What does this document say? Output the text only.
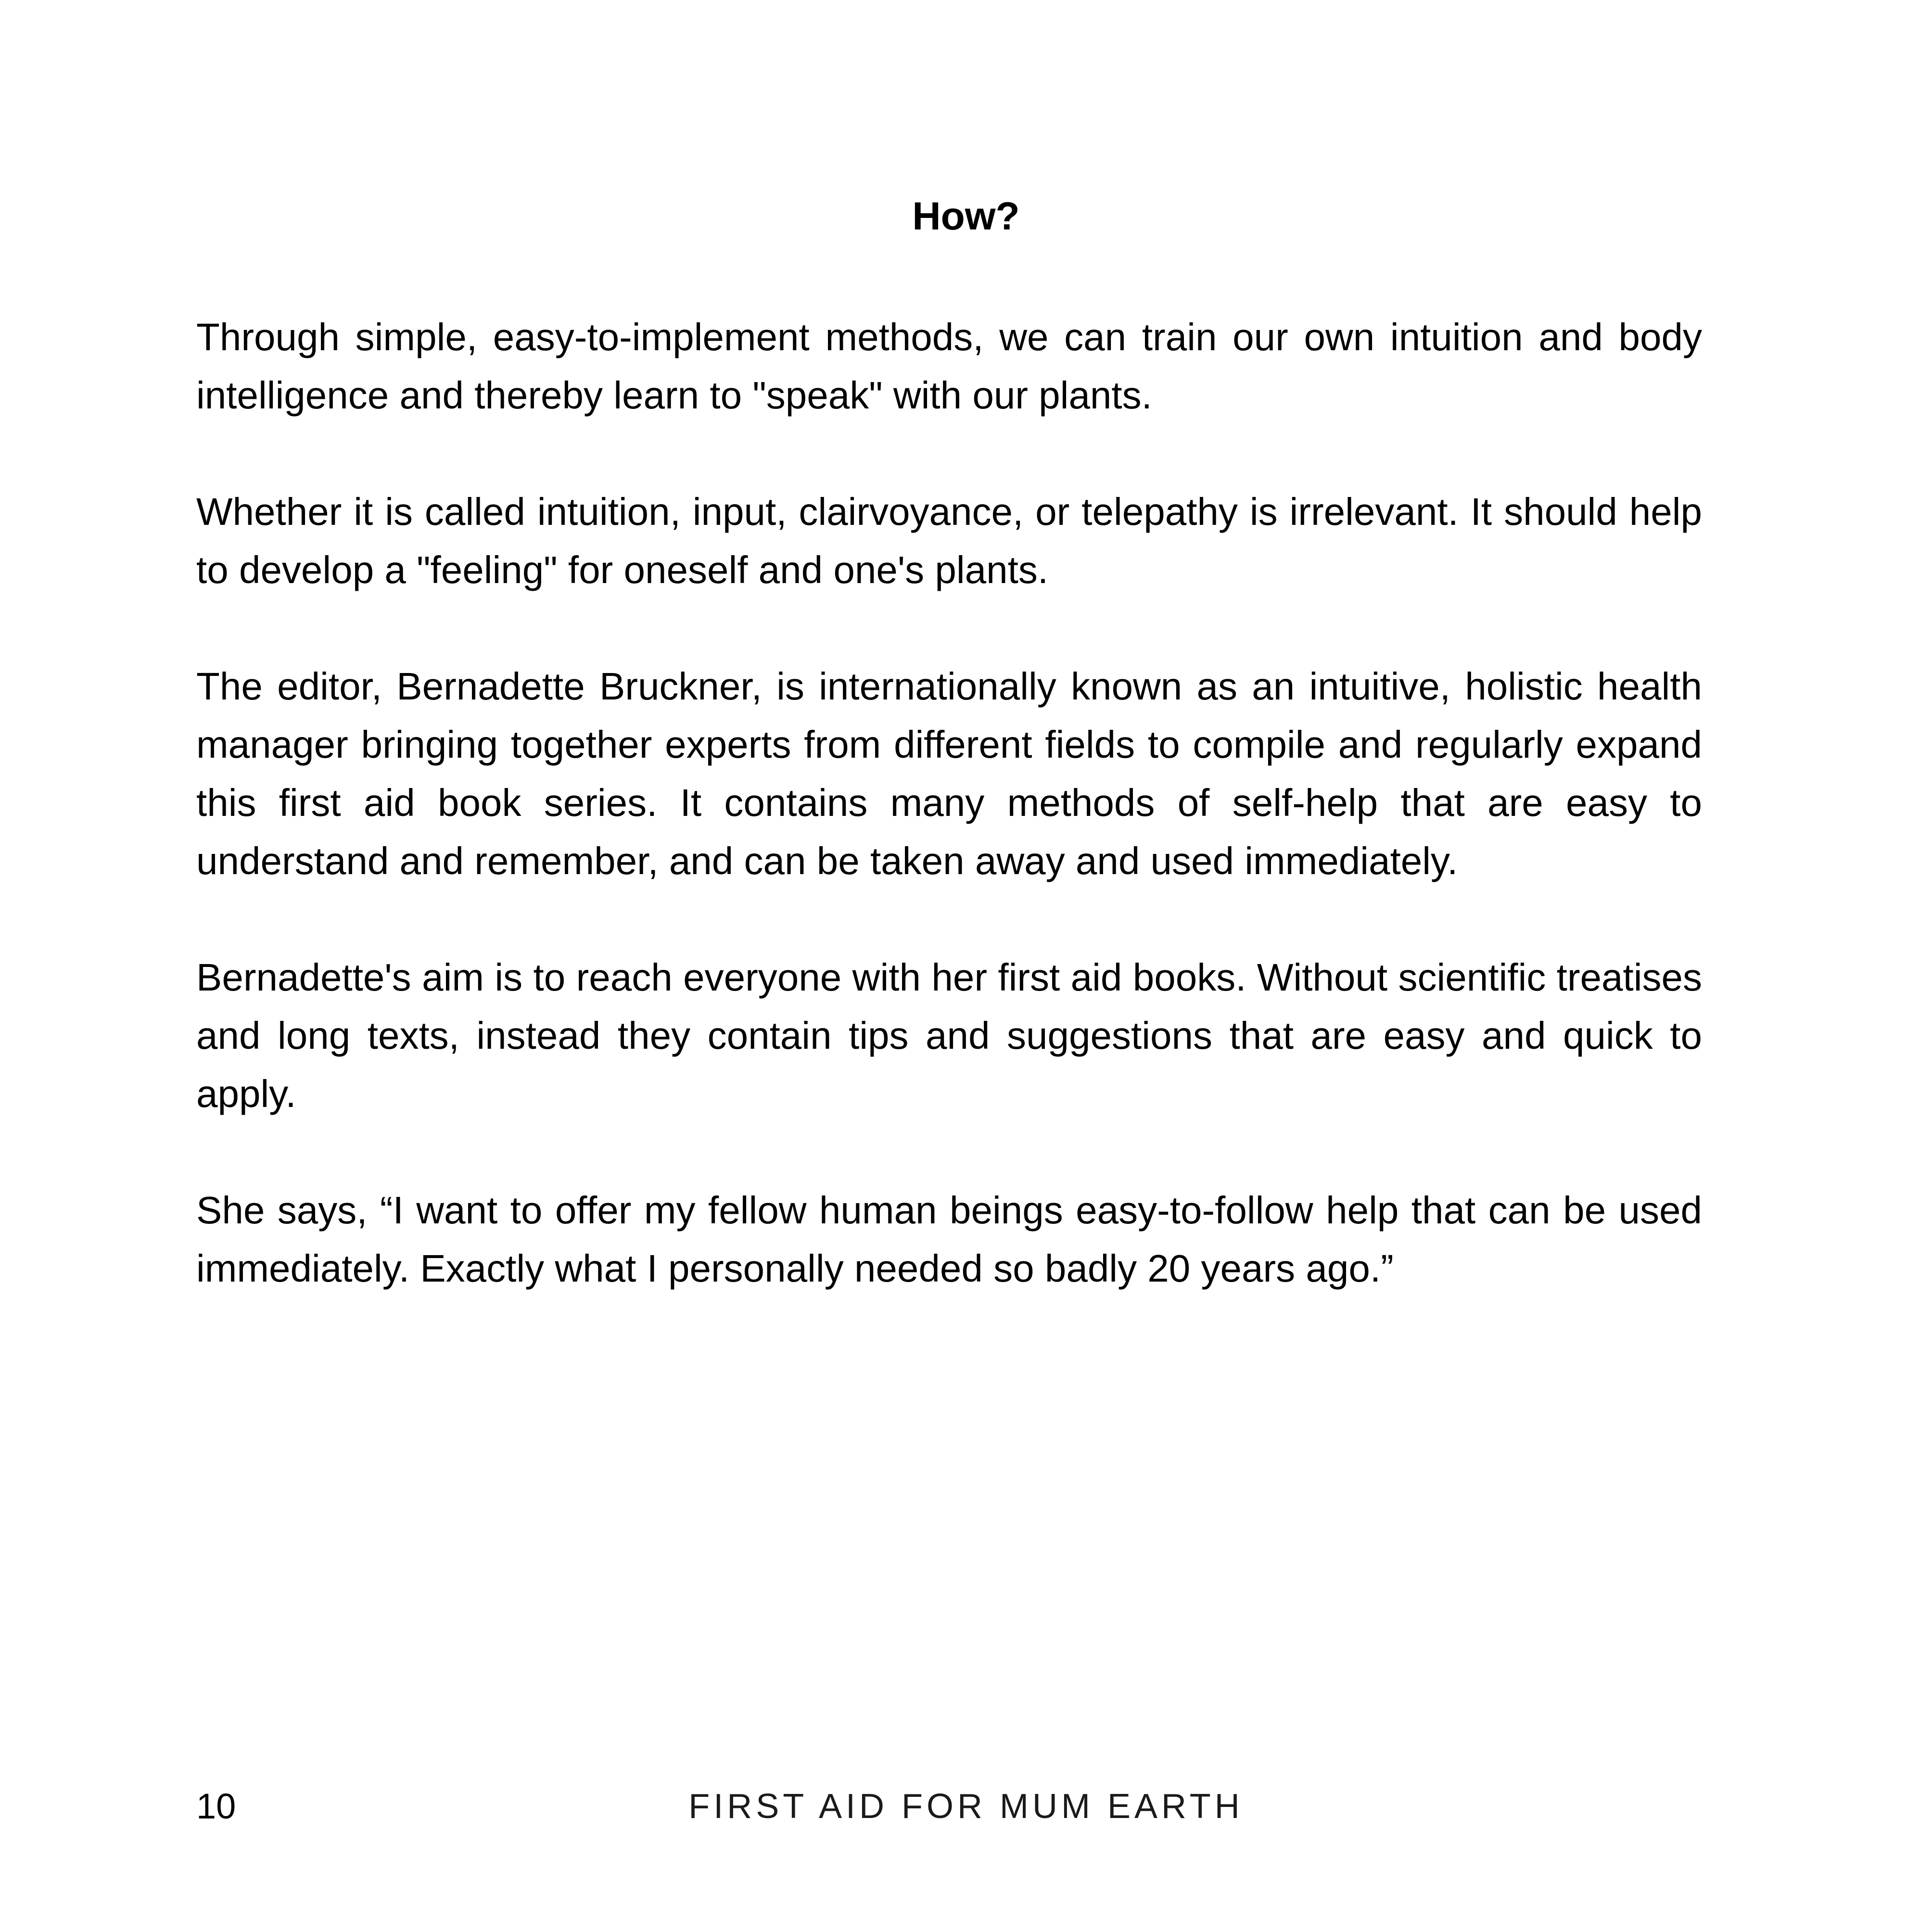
How?

Through simple, easy-to-implement methods, we can train our own intuition and body intelligence and thereby learn to "speak" with our plants.

Whether it is called intuition, input, clairvoyance, or telepathy is irrelevant. It should help to develop a "feeling" for oneself and one's plants.

The editor, Bernadette Bruckner, is internationally known as an intuitive, holistic health manager bringing together experts from different fields to compile and regularly expand this first aid book series. It contains many methods of self-help that are easy to understand and remember, and can be taken away and used immediately.

Bernadette's aim is to reach everyone with her first aid books. Without scientific treatises and long texts, instead they contain tips and suggestions that are easy and quick to apply.

She says, “I want to offer my fellow human beings easy-to-follow help that can be used immediately. Exactly what I personally needed so badly 20 years ago.”

FIRST AID FOR MUM EARTH
10
